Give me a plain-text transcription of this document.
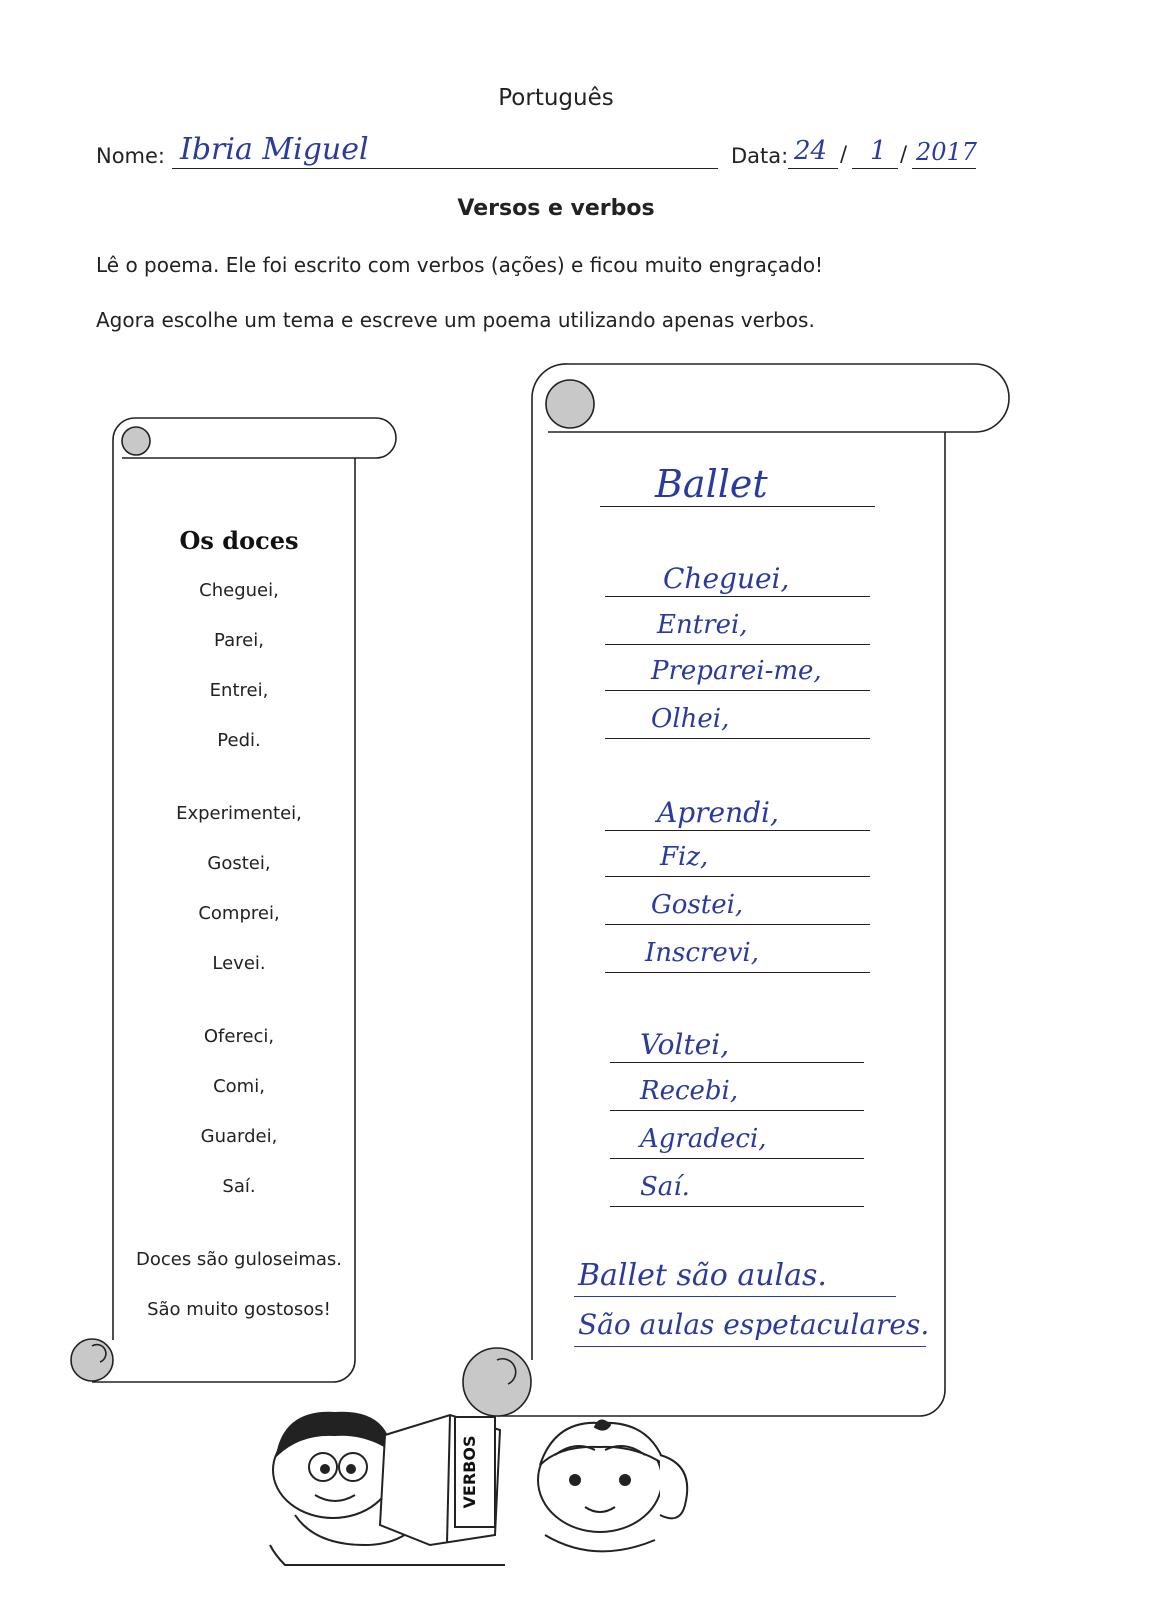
Português
Nome: Ibria Miguel	Data: 24 / 1 / 2017
Versos e verbos
Lê o poema. Ele foi escrito com verbos (ações) e ficou muito engraçado!
Agora escolhe um tema e escreve um poema utilizando apenas verbos.
Os doces
Cheguei,
Parei,
Entrei,
Pedi.
Experimentei,
Gostei,
Comprei,
Levei.
Ofereci,
Comi,
Guardei,
Saí.
Doces são guloseimas.
São muito gostosos!
Ballet
Cheguei,
Entrei,
Preparei-me,
Olhei,
Aprendi,
Fiz,
Gostei,
Inscrevi,
Voltei,
Recebi,
Agradeci,
Saí.
Ballet são aulas.
São aulas espetaculares.
VERBOS
